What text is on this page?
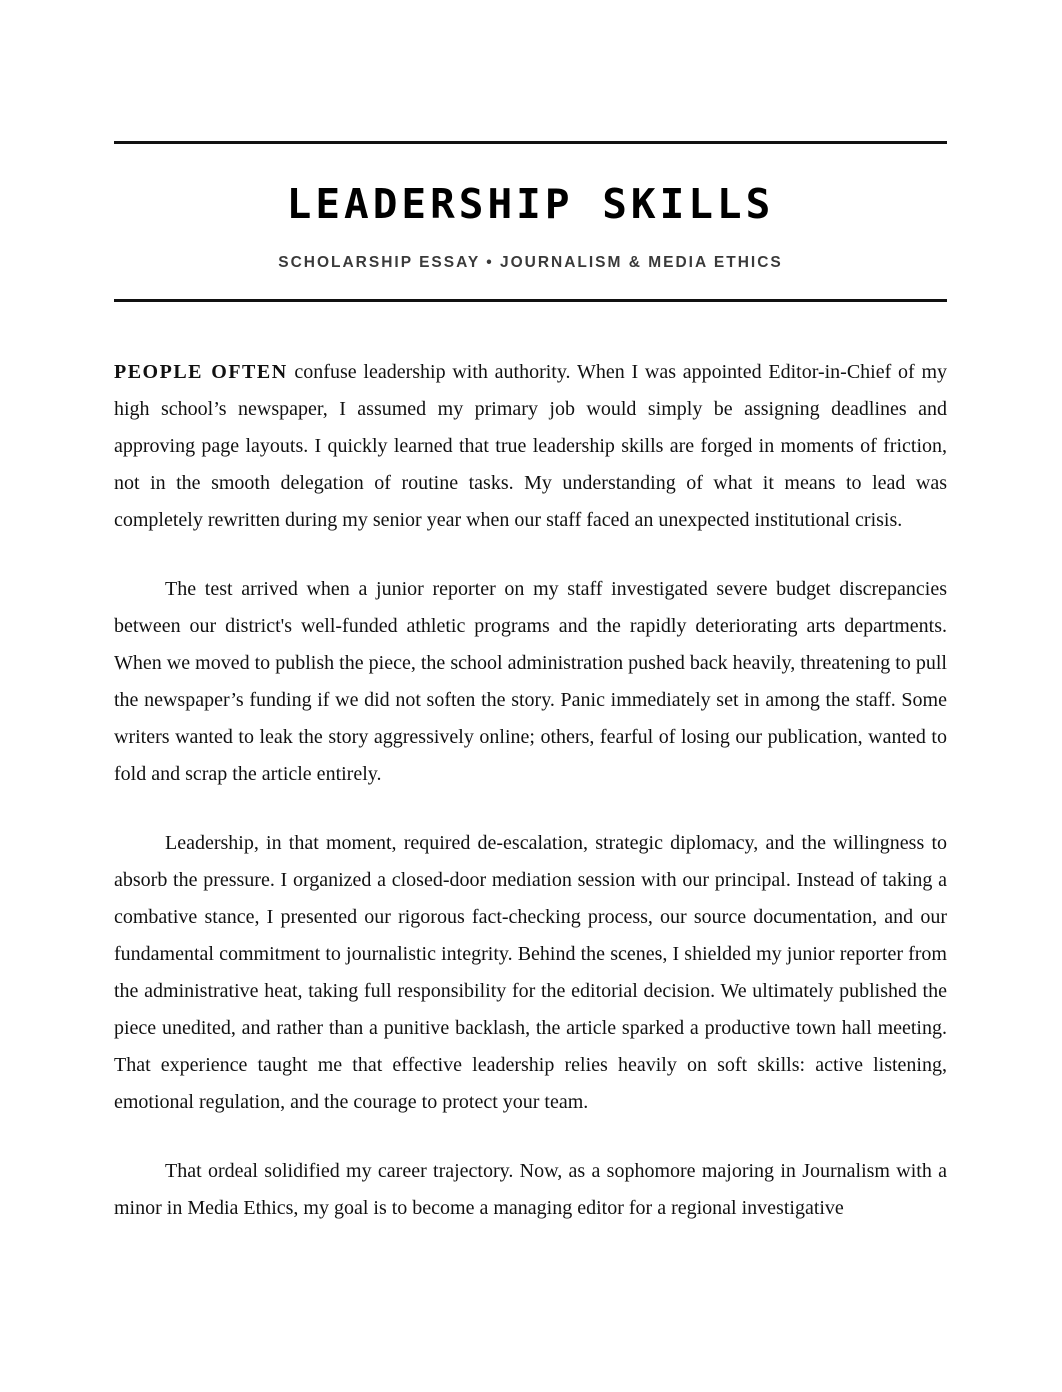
LEADERSHIP SKILLS
SCHOLARSHIP ESSAY • JOURNALISM & MEDIA ETHICS

PEOPLE OFTEN confuse leadership with authority. When I was appointed Editor-in-Chief of my high school’s newspaper, I assumed my primary job would simply be assigning deadlines and approving page layouts. I quickly learned that true leadership skills are forged in moments of friction, not in the smooth delegation of routine tasks. My understanding of what it means to lead was completely rewritten during my senior year when our staff faced an unexpected institutional crisis.

The test arrived when a junior reporter on my staff investigated severe budget discrepancies between our district's well-funded athletic programs and the rapidly deteriorating arts departments. When we moved to publish the piece, the school administration pushed back heavily, threatening to pull the newspaper’s funding if we did not soften the story. Panic immediately set in among the staff. Some writers wanted to leak the story aggressively online; others, fearful of losing our publication, wanted to fold and scrap the article entirely.

Leadership, in that moment, required de-escalation, strategic diplomacy, and the willingness to absorb the pressure. I organized a closed-door mediation session with our principal. Instead of taking a combative stance, I presented our rigorous fact-checking process, our source documentation, and our fundamental commitment to journalistic integrity. Behind the scenes, I shielded my junior reporter from the administrative heat, taking full responsibility for the editorial decision. We ultimately published the piece unedited, and rather than a punitive backlash, the article sparked a productive town hall meeting. That experience taught me that effective leadership relies heavily on soft skills: active listening, emotional regulation, and the courage to protect your team.

That ordeal solidified my career trajectory. Now, as a sophomore majoring in Journalism with a minor in Media Ethics, my goal is to become a managing editor for a regional investigative
